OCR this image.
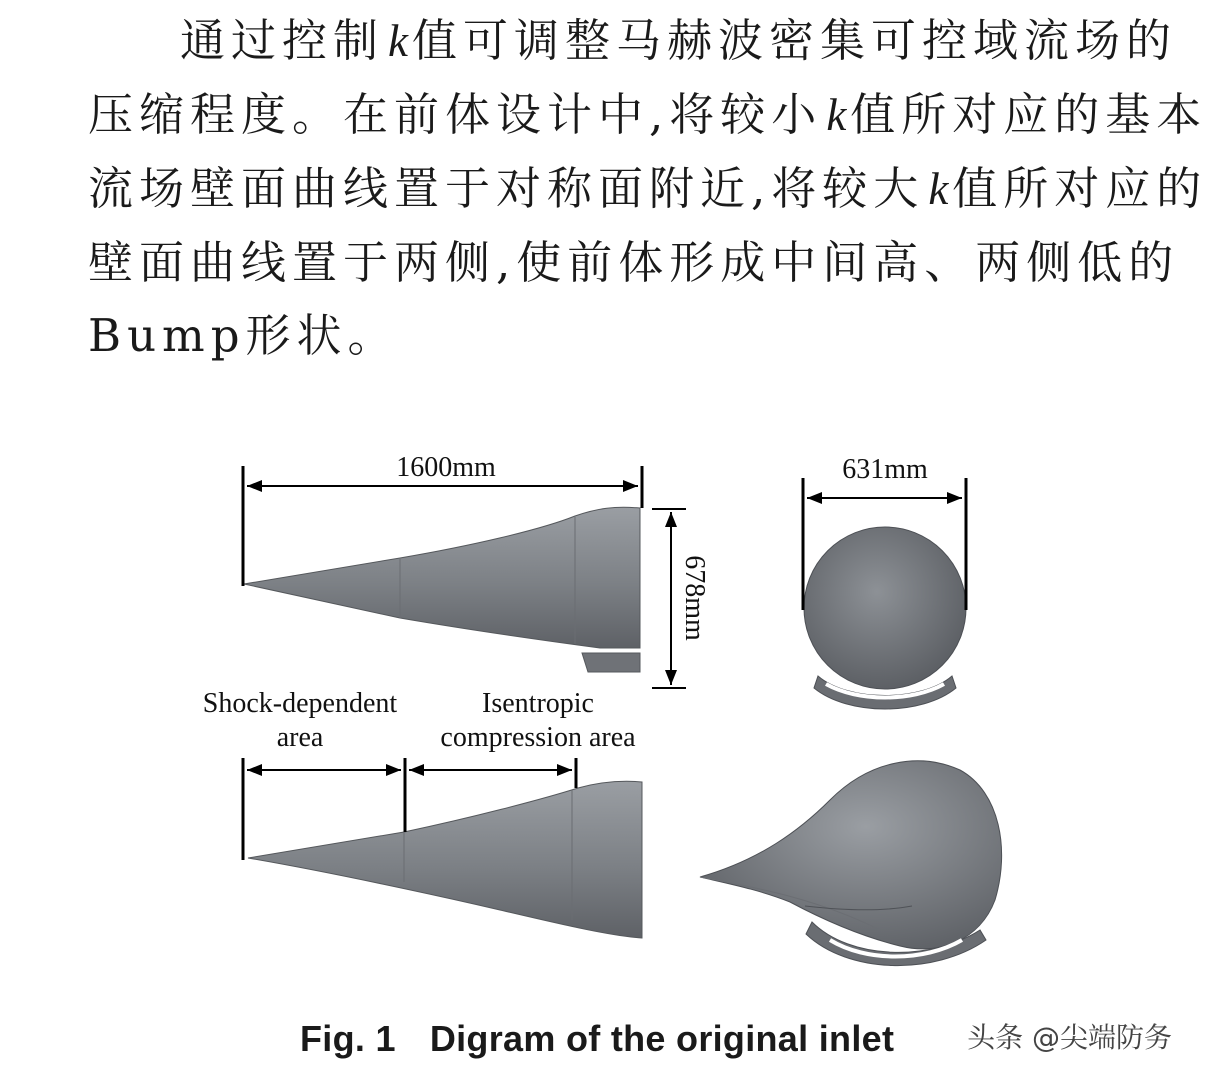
通过控制k值可调整马赫波密集可控域流场的
压缩程度。在前体设计中,将较小k值所对应的基本
流场壁面曲线置于对称面附近,将较大k值所对应的
壁面曲线置于两侧,使前体形成中间高、两侧低的
Bump形状。

1600mm
678mm
631mm
Shock-dependent
area
Isentropic
compression area
Fig. 1 Digram of the original inlet	头条 @尖端防务
